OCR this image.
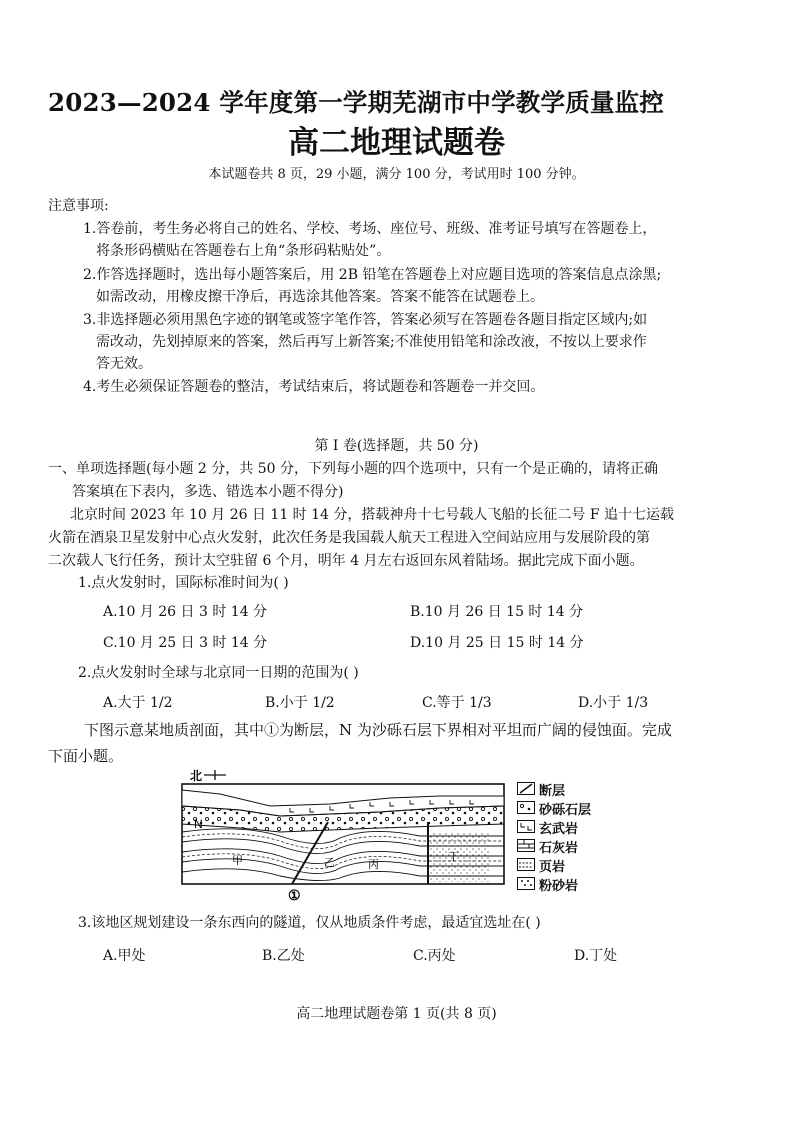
2023—2024 学年度第一学期芜湖市中学教学质量监控
高二地理试题卷
本试题卷共 8 页，29 小题，满分 100 分，考试用时 100 分钟。
注意事项:
1.答卷前，考生务必将自己的姓名、学校、考场、座位号、班级、准考证号填写在答题卷上，
将条形码横贴在答题卷右上角“条形码粘贴处”。
2.作答选择题时，选出每小题答案后，用 2B 铅笔在答题卷上对应题目选项的答案信息点涂黑;
如需改动，用橡皮擦干净后，再选涂其他答案。答案不能答在试题卷上。
3.非选择题必须用黑色字迹的钢笔或签字笔作答，答案必须写在答题卷各题目指定区域内;如
需改动，先划掉原来的答案，然后再写上新答案;不准使用铅笔和涂改液，不按以上要求作
答无效。
4.考生必须保证答题卷的整洁，考试结束后，将试题卷和答题卷一并交回。
第 I 卷(选择题，共 50 分)
一、单项选择题(每小题 2 分，共 50 分，下列每小题的四个选项中，只有一个是正确的，请将正确
答案填在下表内，多选、错选本小题不得分)
北京时间 2023 年 10 月 26 日 11 时 14 分，搭载神舟十七号载人飞船的长征二号 F 追十七运载
火箭在酒泉卫星发射中心点火发射，此次任务是我国载人航天工程进入空间站应用与发展阶段的第
二次载人飞行任务，预计太空驻留 6 个月，明年 4 月左右返回东风着陆场。据此完成下面小题。
1.点火发射时，国际标准时间为( )
A.10 月 26 日 3 时 14 分	B.10 月 26 日 15 时 14 分
C.10 月 25 日 3 时 14 分	D.10 月 25 日 15 时 14 分
2.点火发射时全球与北京同一日期的范围为( )
A.大于 1/2	B.小于 1/2	C.等于 1/3	D.小于 1/3
下图示意某地质剖面，其中①为断层，N 为沙砾石层下界相对平坦而广阔的侵蚀面。完成
下面小题。
北
N
甲	乙	丙
丁
①
断层
砂砾石层
玄武岩
石灰岩
页岩
粉砂岩
3.该地区规划建设一条东西向的隧道，仅从地质条件考虑，最适宜选址在( )
A.甲处	B.乙处	C.丙处	D.丁处
高二地理试题卷第 1 页(共 8 页)
